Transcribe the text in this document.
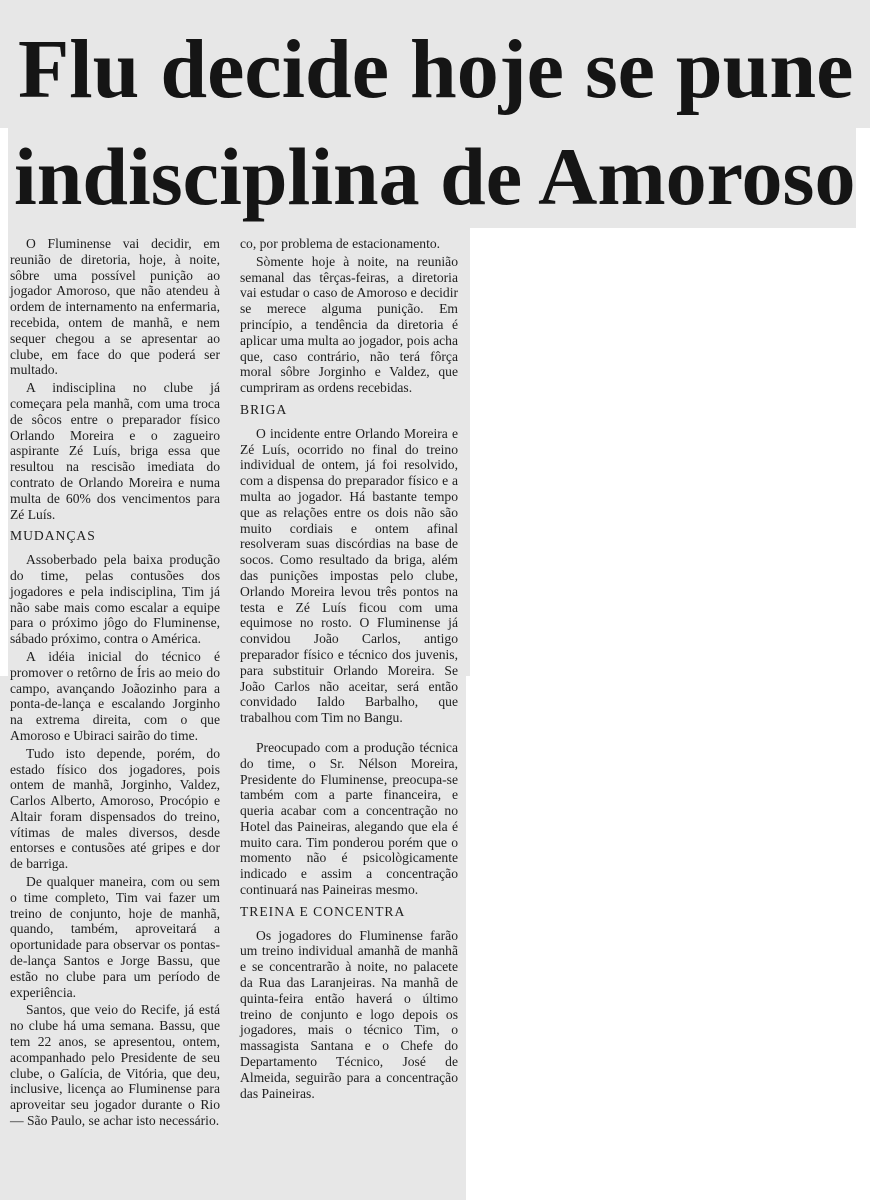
Flu decide hoje se pune
indisciplina de Amoroso

O Fluminense vai decidir, em reunião de diretoria, hoje, à noite, sôbre uma possível punição ao jogador Amoroso, que não atendeu à ordem de internamento na enfermaria, recebida, ontem de manhã, e nem sequer chegou a se apresentar ao clube, em face do que poderá ser multado.

A indisciplina no clube já começara pela manhã, com uma troca de sôcos entre o preparador físico Orlando Moreira e o zagueiro aspirante Zé Luís, briga essa que resultou na rescisão imediata do contrato de Orlando Moreira e numa multa de 60% dos vencimentos para Zé Luís.

MUDANÇAS

Assoberbado pela baixa produção do time, pelas contusões dos jogadores e pela indisciplina, Tim já não sabe mais como escalar a equipe para o próximo jôgo do Fluminense, sábado próximo, contra o América.

A idéia inicial do técnico é promover o retôrno de Íris ao meio do campo, avançando Joãozinho para a ponta-de-lança e escalando Jorginho na extrema direita, com o que Amoroso e Ubiraci sairão do time.

Tudo isto depende, porém, do estado físico dos jogadores, pois ontem de manhã, Jorginho, Valdez, Carlos Alberto, Amoroso, Procópio e Altair foram dispensados do treino, vítimas de males diversos, desde entorses e contusões até gripes e dor de barriga.

De qualquer maneira, com ou sem o time completo, Tim vai fazer um treino de conjunto, hoje de manhã, quando, também, aproveitará a oportunidade para observar os pontas-de-lança Santos e Jorge Bassu, que estão no clube para um período de experiência.

Santos, que veio do Recife, já está no clube há uma semana. Bassu, que tem 22 anos, se apresentou, ontem, acompanhado pelo Presidente de seu clube, o Galícia, de Vitória, que deu, inclusive, licença ao Fluminense para aproveitar seu jogador durante o Rio — São Paulo, se achar isto necessário.

co, por problema de estacionamento.

Sòmente hoje à noite, na reunião semanal das têrças-feiras, a diretoria vai estudar o caso de Amoroso e decidir se merece alguma punição. Em princípio, a tendência da diretoria é aplicar uma multa ao jogador, pois acha que, caso contrário, não terá fôrça moral sôbre Jorginho e Valdez, que cumpriram as ordens recebidas.

BRIGA

O incidente entre Orlando Moreira e Zé Luís, ocorrido no final do treino individual de ontem, já foi resolvido, com a dispensa do preparador físico e a multa ao jogador. Há bastante tempo que as relações entre os dois não são muito cordiais e ontem afinal resolveram suas discórdias na base de socos. Como resultado da briga, além das punições impostas pelo clube, Orlando Moreira levou três pontos na testa e Zé Luís ficou com uma equimose no rosto. O Fluminense já convidou João Carlos, antigo preparador físico e técnico dos juvenis, para substituir Orlando Moreira. Se João Carlos não aceitar, será então convidado Ialdo Barbalho, que trabalhou com Tim no Bangu.

Preocupado com a produção técnica do time, o Sr. Nélson Moreira, Presidente do Fluminense, preocupa-se também com a parte financeira, e queria acabar com a concentração no Hotel das Paineiras, alegando que ela é muito cara. Tim ponderou porém que o momento não é psicològicamente indicado e assim a concentração continuará nas Paineiras mesmo.

TREINA E CONCENTRA

Os jogadores do Fluminense farão um treino individual amanhã de manhã e se concentrarão à noite, no palacete da Rua das Laranjeiras. Na manhã de quinta-feira então haverá o último treino de conjunto e logo depois os jogadores, mais o técnico Tim, o massagista Santana e o Chefe do Departamento Técnico, José de Almeida, seguirão para a concentração das Paineiras.
